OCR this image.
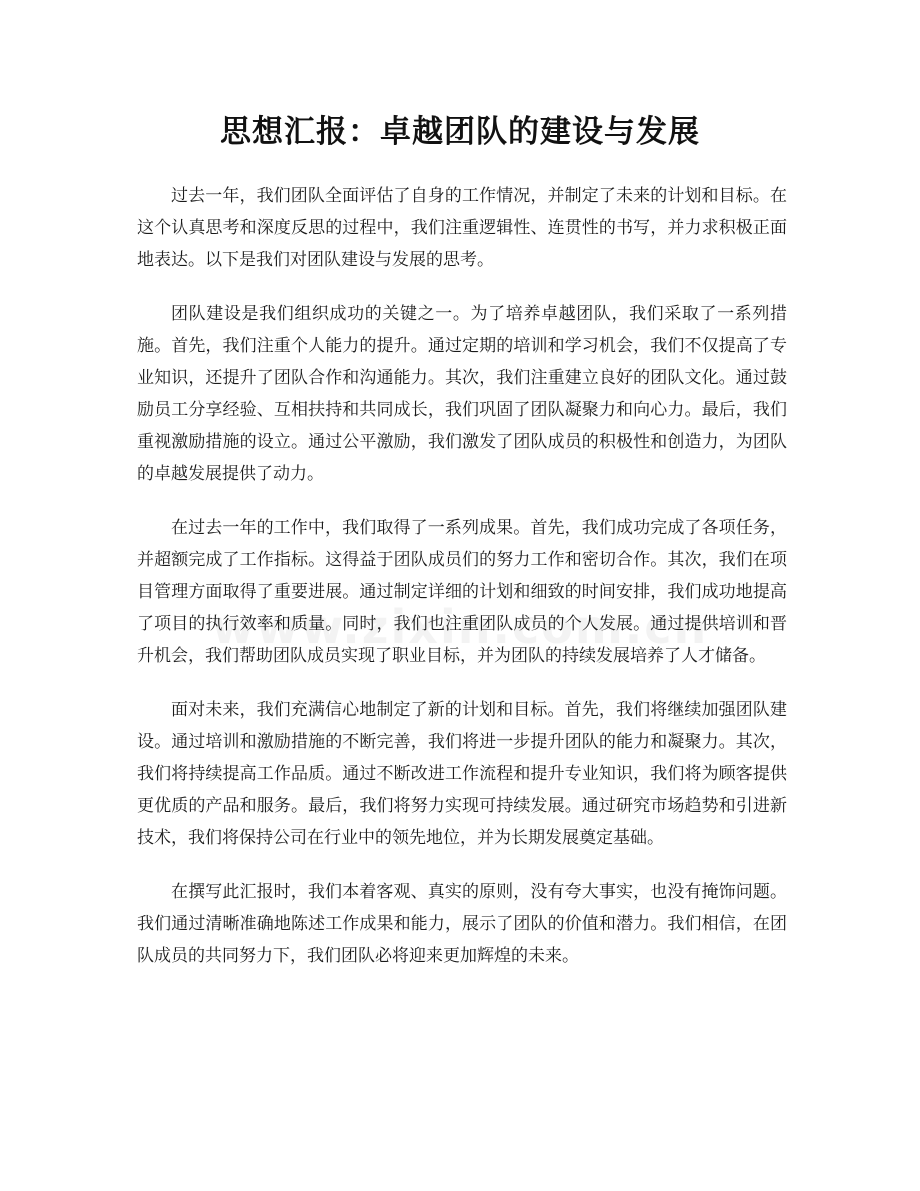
思想汇报：卓越团队的建设与发展

过去一年，我们团队全面评估了自身的工作情况，并制定了未来的计划和目标。在这个认真思考和深度反思的过程中，我们注重逻辑性、连贯性的书写，并力求积极正面地表达。以下是我们对团队建设与发展的思考。

团队建设是我们组织成功的关键之一。为了培养卓越团队，我们采取了一系列措施。首先，我们注重个人能力的提升。通过定期的培训和学习机会，我们不仅提高了专业知识，还提升了团队合作和沟通能力。其次，我们注重建立良好的团队文化。通过鼓励员工分享经验、互相扶持和共同成长，我们巩固了团队凝聚力和向心力。最后，我们重视激励措施的设立。通过公平激励，我们激发了团队成员的积极性和创造力，为团队的卓越发展提供了动力。

在过去一年的工作中，我们取得了一系列成果。首先，我们成功完成了各项任务，并超额完成了工作指标。这得益于团队成员们的努力工作和密切合作。其次，我们在项目管理方面取得了重要进展。通过制定详细的计划和细致的时间安排，我们成功地提高了项目的执行效率和质量。同时，我们也注重团队成员的个人发展。通过提供培训和晋升机会，我们帮助团队成员实现了职业目标，并为团队的持续发展培养了人才储备。

面对未来，我们充满信心地制定了新的计划和目标。首先，我们将继续加强团队建设。通过培训和激励措施的不断完善，我们将进一步提升团队的能力和凝聚力。其次，我们将持续提高工作品质。通过不断改进工作流程和提升专业知识，我们将为顾客提供更优质的产品和服务。最后，我们将努力实现可持续发展。通过研究市场趋势和引进新技术，我们将保持公司在行业中的领先地位，并为长期发展奠定基础。

在撰写此汇报时，我们本着客观、真实的原则，没有夸大事实，也没有掩饰问题。我们通过清晰准确地陈述工作成果和能力，展示了团队的价值和潜力。我们相信，在团队成员的共同努力下，我们团队必将迎来更加辉煌的未来。
